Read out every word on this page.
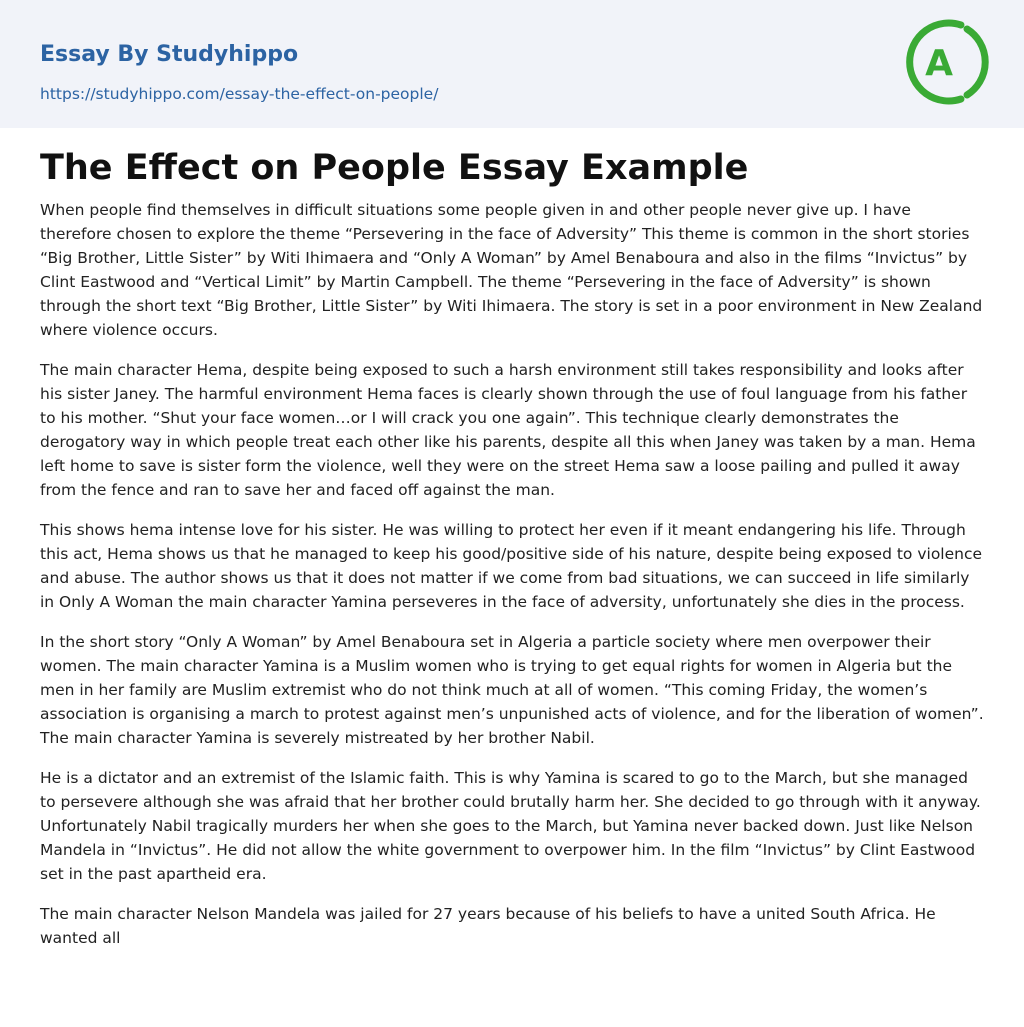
Essay By Studyhippo
https://studyhippo.com/essay-the-effect-on-people/
A
The Effect on People Essay Example

When people find themselves in difficult situations some people given in and other people never give up. I have therefore chosen to explore the theme “Persevering in the face of Adversity” This theme is common in the short stories “Big Brother, Little Sister” by Witi Ihimaera and “Only A Woman” by Amel Benaboura and also in the films “Invictus” by Clint Eastwood and “Vertical Limit” by Martin Campbell. The theme “Persevering in the face of Adversity” is shown through the short text “Big Brother, Little Sister” by Witi Ihimaera. The story is set in a poor environment in New Zealand where violence occurs.

The main character Hema, despite being exposed to such a harsh environment still takes responsibility and looks after his sister Janey. The harmful environment Hema faces is clearly shown through the use of foul language from his father to his mother. “Shut your face women…or I will crack you one again”. This technique clearly demonstrates the derogatory way in which people treat each other like his parents, despite all this when Janey was taken by a man. Hema left home to save is sister form the violence, well they were on the street Hema saw a loose pailing and pulled it away from the fence and ran to save her and faced off against the man.

This shows hema intense love for his sister. He was willing to protect her even if it meant endangering his life. Through this act, Hema shows us that he managed to keep his good/positive side of his nature, despite being exposed to violence and abuse. The author shows us that it does not matter if we come from bad situations, we can succeed in life similarly in Only A Woman the main character Yamina perseveres in the face of adversity, unfortunately she dies in the process.

In the short story “Only A Woman” by Amel Benaboura set in Algeria a particle society where men overpower their women. The main character Yamina is a Muslim women who is trying to get equal rights for women in Algeria but the men in her family are Muslim extremist who do not think much at all of women. “This coming Friday, the women’s association is organising a march to protest against men’s unpunished acts of violence, and for the liberation of women”. The main character Yamina is severely mistreated by her brother Nabil.

He is a dictator and an extremist of the Islamic faith. This is why Yamina is scared to go to the March, but she managed to persevere although she was afraid that her brother could brutally harm her. She decided to go through with it anyway. Unfortunately Nabil tragically murders her when she goes to the March, but Yamina never backed down. Just like Nelson Mandela in “Invictus”. He did not allow the white government to overpower him. In the film “Invictus” by Clint Eastwood set in the past apartheid era.

The main character Nelson Mandela was jailed for 27 years because of his beliefs to have a united South Africa. He wanted all
